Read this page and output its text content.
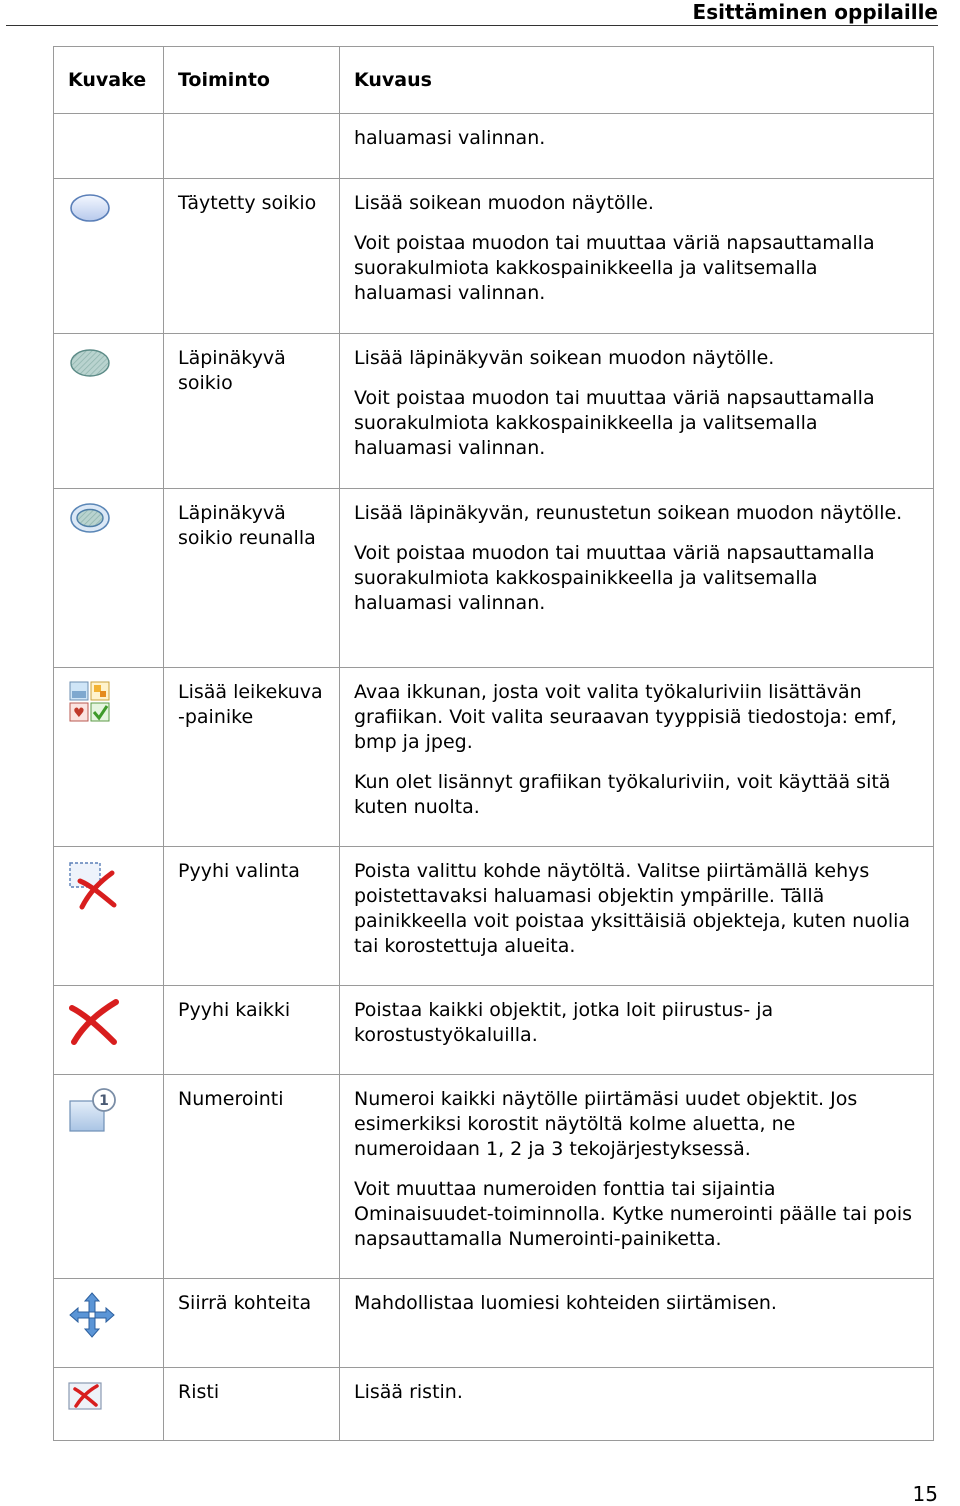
Esittäminen oppilaille
Kuvake	Toiminto	Kuvaus

		haluamasi valinnan.

	Täytetty soikio	Lisää soikean muodon näytölle.

Voit poistaa muodon tai muuttaa väriä napsauttamalla suorakulmiota kakkospainikkeella ja valitsemalla haluamasi valinnan.

	Läpinäkyvä soikio	Lisää läpinäkyvän soikean muodon näytölle.

Voit poistaa muodon tai muuttaa väriä napsauttamalla suorakulmiota kakkospainikkeella ja valitsemalla haluamasi valinnan.

	Läpinäkyvä soikio reunalla	Lisää läpinäkyvän, reunustetun soikean muodon näytölle.

Voit poistaa muodon tai muuttaa väriä napsauttamalla suorakulmiota kakkospainikkeella ja valitsemalla haluamasi valinnan.

♥	Lisää leikekuva -painike	Avaa ikkunan, josta voit valita työkaluriviin lisättävän grafiikan. Voit valita seuraavan tyyppisiä tiedostoja: emf, bmp ja jpeg.

Kun olet lisännyt grafiikan työkaluriviin, voit käyttää sitä kuten nuolta.

	Pyyhi valinta	Poista valittu kohde näytöltä. Valitse piirtämällä kehys poistettavaksi haluamasi objektin ympärille. Tällä painikkeella voit poistaa yksittäisiä objekteja, kuten nuolia tai korostettuja alueita.

	Pyyhi kaikki	Poistaa kaikki objektit, jotka loit piirustus- ja korostustyökaluilla.

1	Numerointi	Numeroi kaikki näytölle piirtämäsi uudet objektit. Jos esimerkiksi korostit näytöltä kolme aluetta, ne numeroidaan 1, 2 ja 3 tekojärjestyksessä.

Voit muuttaa numeroiden fonttia tai sijaintia Ominaisuudet-toiminnolla. Kytke numerointi päälle tai pois napsauttamalla Numerointi-painiketta.

	Siirrä kohteita	Mahdollistaa luomiesi kohteiden siirtämisen.

	Risti	Lisää ristin.

15
